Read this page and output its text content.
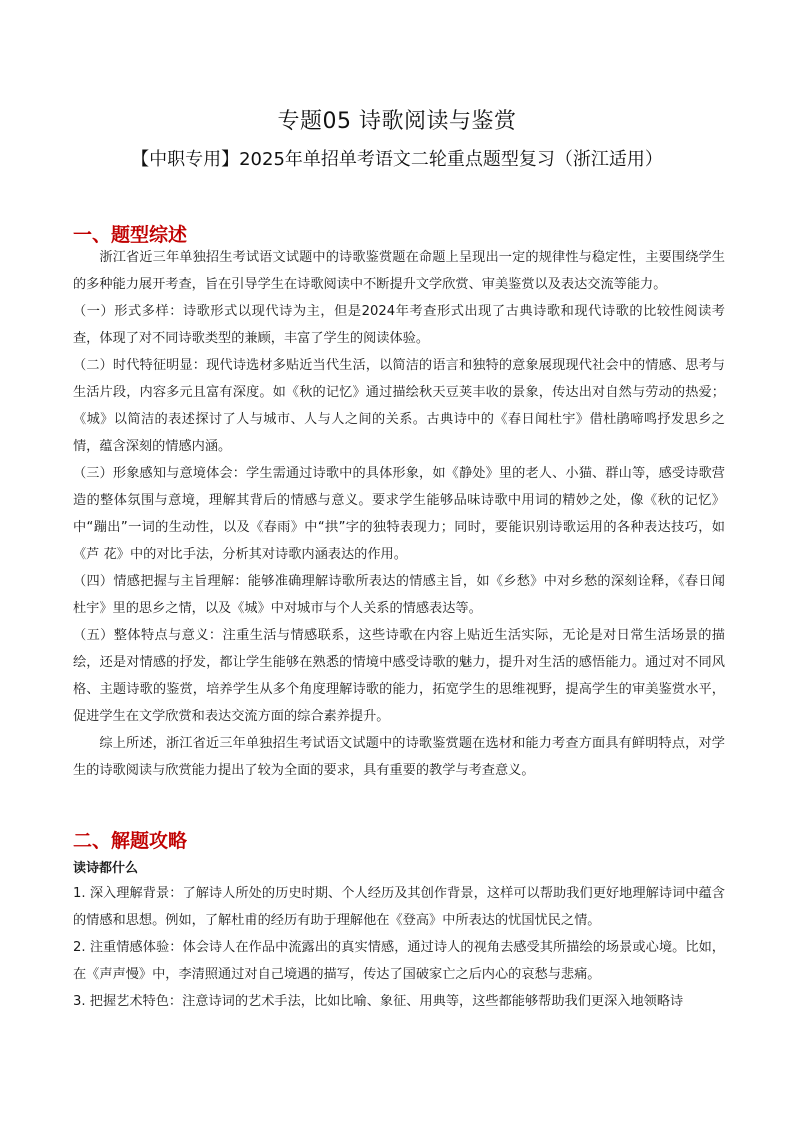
专题05 诗歌阅读与鉴赏
【中职专用】2025年单招单考语文二轮重点题型复习（浙江适用）
一、题型综述

浙江省近三年单独招生考试语文试题中的诗歌鉴赏题在命题上呈现出一定的规律性与稳定性，主要围绕学生的多种能力展开考查，旨在引导学生在诗歌阅读中不断提升文学欣赏、审美鉴赏以及表达交流等能力。

（一）形式多样：诗歌形式以现代诗为主，但是2024年考查形式出现了古典诗歌和现代诗歌的比较性阅读考查，体现了对不同诗歌类型的兼顾，丰富了学生的阅读体验。

（二）时代特征明显：现代诗选材多贴近当代生活，以简洁的语言和独特的意象展现现代社会中的情感、思考与生活片段，内容多元且富有深度。如《秋的记忆》通过描绘秋天豆荚丰收的景象，传达出对自然与劳动的热爱；《城》以简洁的表述探讨了人与城市、人与人之间的关系。古典诗中的《春日闻杜宇》借杜鹃啼鸣抒发思乡之情，蕴含深刻的情感内涵。

（三）形象感知与意境体会：学生需通过诗歌中的具体形象，如《静处》里的老人、小猫、群山等，感受诗歌营造的整体氛围与意境，理解其背后的情感与意义。要求学生能够品味诗歌中用词的精妙之处，像《秋的记忆》中“蹦出”一词的生动性，以及《春雨》中“拱”字的独特表现力；同时，要能识别诗歌运用的各种表达技巧，如《芦 花》中的对比手法，分析其对诗歌内涵表达的作用。

（四）情感把握与主旨理解：能够准确理解诗歌所表达的情感主旨，如《乡愁》中对乡愁的深刻诠释，《春日闻杜宇》里的思乡之情，以及《城》中对城市与个人关系的情感表达等。

（五）整体特点与意义：注重生活与情感联系，这些诗歌在内容上贴近生活实际，无论是对日常生活场景的描绘，还是对情感的抒发，都让学生能够在熟悉的情境中感受诗歌的魅力，提升对生活的感悟能力。通过对不同风格、主题诗歌的鉴赏，培养学生从多个角度理解诗歌的能力，拓宽学生的思维视野，提高学生的审美鉴赏水平，促进学生在文学欣赏和表达交流方面的综合素养提升。

综上所述，浙江省近三年单独招生考试语文试题中的诗歌鉴赏题在选材和能力考查方面具有鲜明特点，对学生的诗歌阅读与欣赏能力提出了较为全面的要求，具有重要的教学与考查意义。

二、解题攻略
读诗都什么

1. 深入理解背景：了解诗人所处的历史时期、个人经历及其创作背景，这样可以帮助我们更好地理解诗词中蕴含的情感和思想。例如，了解杜甫的经历有助于理解他在《登高》中所表达的忧国忧民之情。

2. 注重情感体验：体会诗人在作品中流露出的真实情感，通过诗人的视角去感受其所描绘的场景或心境。比如，在《声声慢》中，李清照通过对自己境遇的描写，传达了国破家亡之后内心的哀愁与悲痛。

3. 把握艺术特色：注意诗词的艺术手法，比如比喻、象征、用典等，这些都能够帮助我们更深入地领略诗
